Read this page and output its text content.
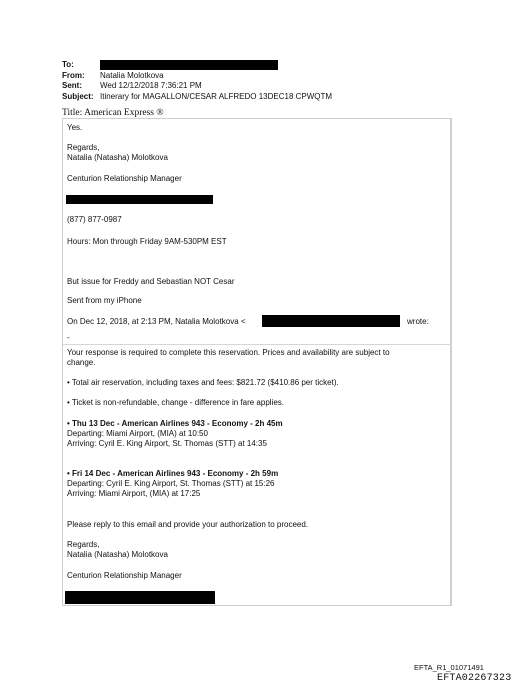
To:
From:	Natalia Molotkova
Sent:	Wed 12/12/2018 7:36:21 PM
Subject: Itinerary for MAGALLON/CESAR ALFREDO 13DEC18 CPWQTM
Title: American Express ®
Yes.
Regards,
Natalia (Natasha) Molotkova
Centurion Relationship Manager
(877) 877-0987
Hours: Mon through Friday 9AM-530PM EST
But issue for Freddy and Sebastian NOT Cesar
Sent from my iPhone
On Dec 12, 2018, at 2:13 PM, Natalia Molotkova <	wrote:
-
Your response is required to complete this reservation. Prices and availability are subject to
change.
• Total air reservation, including taxes and fees: $821.72 ($410.86 per ticket).
• Ticket is non-refundable, change - difference in fare applies.
• Thu 13 Dec - American Airlines 943 - Economy - 2h 45m
Departing: Miami Airport, (MIA) at 10:50
Arriving: Cyril E. King Airport, St. Thomas (STT) at 14:35
• Fri 14 Dec - American Airlines 943 - Economy - 2h 59m
Departing: Cyril E. King Airport, St. Thomas (STT) at 15:26
Arriving: Miami Airport, (MIA) at 17:25
Please reply to this email and provide your authorization to proceed.
Regards,
Natalia (Natasha) Molotkova
Centurion Relationship Manager
EFTA_R1_01071491
EFTA02267323
